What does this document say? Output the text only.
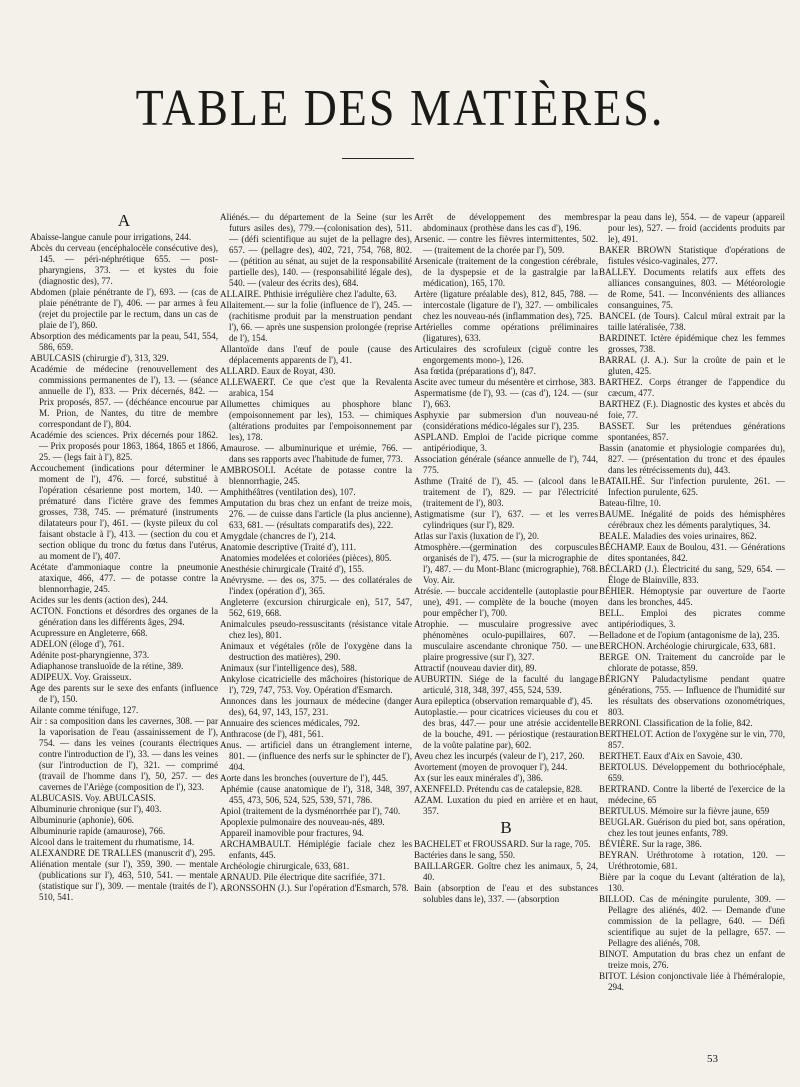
TABLE DES MATIÈRES.
A
Abaisse-langue canule pour irrigations, 244.
Abcès du cerveau (encéphalocèle consécutive des), 145. — péri-néphrétique 655. — post-pharyngiens, 373. — et kystes du foie (diagnostic des), 77.
Abdomen (plaie pénétrante de l'), 693. — (cas de plaie pénétrante de l'), 406. — par armes à feu (rejet du projectile par le rectum, dans un cas de plaie de l'), 860.
Absorption des médicaments par la peau, 541, 554, 586, 659.
ABULCASIS (chirurgie d'), 313, 329.
Académie de médecine (renouvellement des commissions permanentes de l'), 13. — (séance annuelle de l'), 833. — Prix décernés, 842. — Prix proposés, 857. — (déchéance encourue par M. Prion, de Nantes, du titre de membre correspondant de l'), 804.
Académie des sciences. Prix décernés pour 1862. — Prix proposés pour 1863, 1864, 1865 et 1866, 25. — (legs fait à l'), 825.
Accouchement (indications pour déterminer le moment de l'), 476. — forcé, substitué à l'opération césarienne post mortem, 140. — prématuré dans l'ictère grave des femmes grosses, 738, 745. — prématuré (instruments dilatateurs pour l'), 461. — (kyste pileux du col faisant obstacle à l'), 413. — (section du cou et section oblique du tronc du fœtus dans l'utérus, au moment de l'), 407.
Acétate d'ammoniaque contre la pneumonie ataxique, 466, 477. — de potasse contre la blennorrhagie, 245.
Acides sur les dents (action des), 244.
ACTON. Fonctions et désordres des organes de la génération dans les différents âges, 294.
Acupressure en Angleterre, 668.
ADELON (éloge d'), 761.
Adénite post-pharyngienne, 373.
Adiaphanose transluoïde de la rétine, 389.
ADIPEUX. Voy. Graisseux.
Age des parents sur le sexe des enfants (influence de l'), 150.
Ailante comme ténifuge, 127.
Air : sa composition dans les cavernes, 308. — par la vaporisation de l'eau (assainissement de l'), 754. — dans les veines (courants électriques contre l'introduction de l'), 33. — dans les veines (sur l'introduction de l'), 321. — comprimé (travail de l'homme dans l'), 50, 257. — des cavernes de l'Ariège (composition de l'), 323.
ALBUCASIS. Voy. ABULCASIS.
Albuminurie chronique (sur l'), 403.
Albuminurie (aphonie), 606.
Albuminurie rapide (amaurose), 766.
Alcool dans le traitement du rhumatisme, 14.
ALEXANDRE DE TRALLES (manuscrit d'), 295.
Aliénation mentale (sur l'), 359, 390. — mentale (publications sur l'), 463, 510, 541. — mentale (statistique sur l'), 309. — mentale (traités de l'), 510, 541.
Aliénés.— du département de la Seine (sur les futurs asiles des), 779.—(colonisation des), 511. — (défi scientifique au sujet de la pellagre des), 657. — (pellagre des), 402, 721, 754, 768, 802. — (pétition au sénat, au sujet de la responsabilité partielle des), 140. — (responsabilité légale des), 540. — (valeur des écrits des), 684.
ALLAIRE. Phthisie irrégulière chez l'adulte, 63.
Allaitement.— sur la folie (influence de l'), 245. — (rachitisme produit par la menstruation pendant l'), 66. — après une suspension prolongée (reprise de l'), 154.
Allantoïde dans l'œuf de poule (cause des déplacements apparents de l'), 41.
ALLARD. Eaux de Royat, 430.
ALLEWAERT. Ce que c'est que la Revalenta arabica, 154
Allumettes chimiques au phosphore blanc (empoisonnement par les), 153. — chimiques (altérations produites par l'empoisonnement par les), 178.
Amaurose. — albuminurique et urémie, 766. — dans ses rapports avec l'habitude de fumer, 773.
AMBROSOLI. Acétate de potasse contre la blennorrhagie, 245.
Amphithéâtres (ventilation des), 107.
Amputation du bras chez un enfant de treize mois, 276. — de cuisse dans l'article (la plus ancienne), 633, 681. — (résultats comparatifs des), 222.
Amygdale (chancres de l'), 214.
Anatomie descriptive (Traité d'), 111.
Anatomies modelées et coloriées (pièces), 805.
Anesthésie chirurgicale (Traité d'), 155.
Anévrysme. — des os, 375. — des collatérales de l'index (opération d'), 365.
Angleterre (excursion chirurgicale en), 517, 547, 562, 619, 668.
Animalcules pseudo-ressuscitants (résistance vitale chez les), 801.
Animaux et végétales (rôle de l'oxygène dans la destruction des matières), 290.
Animaux (sur l'intelligence des), 588.
Ankylose cicatricielle des mâchoires (historique de l'), 729, 747, 753. Voy. Opération d'Esmarch.
Annonces dans les journaux de médecine (danger des), 64, 97, 143, 157, 231.
Annuaire des sciences médicales, 792.
Anthracose (de l'), 481, 561.
Anus. — artificiel dans un étranglement interne, 801. — (influence des nerfs sur le sphincter de l'), 404.
Aorte dans les bronches (ouverture de l'), 445.
Aphémie (cause anatomique de l'), 318, 348, 397, 455, 473, 506, 524, 525, 539, 571, 786.
Apiol (traitement de la dysménorrhée par l'), 740.
Apoplexie pulmonaire des nouveau-nés, 489.
Appareil inamovible pour fractures, 94.
ARCHAMBAULT. Hémiplégie faciale chez les enfants, 445.
Archéologie chirurgicale, 633, 681.
ARNAUD. Pile électrique dite sacrifiée, 371.
ARONSSOHN (J.). Sur l'opération d'Esmarch, 578.
Arrêt de développement des membres abdominaux (prothèse dans les cas d'), 196.
Arsenic. — contre les fièvres intermittentes, 502. — (traitement de la chorée par l'), 509.
Arsenicale (traitement de la congestion cérébrale, de la dyspepsie et de la gastralgie par la médication), 165, 170.
Artère (ligature préalable des), 812, 845, 788. — intercostale (ligature de l'), 327. — ombilicales chez les nouveau-nés (inflammation des), 725.
Artérielles comme opérations préliminaires (ligatures), 633.
Articulaires des scrofuleux (ciguë contre les engorgements mono-), 126.
Asa fœtida (préparations d'), 847.
Ascite avec tumeur du mésentère et cirrhose, 383.
Aspermatisme (de l'), 93. — (cas d'), 124. — (sur l'), 663.
Asphyxie par submersion d'un nouveau-né (considérations médico-légales sur l'), 235.
ASPLAND. Emploi de l'acide picrique comme antipériodique, 3.
Association générale (séance annuelle de l'), 744, 775.
Asthme (Traité de l'), 45. — (alcool dans le traitement de l'), 829. — par l'électricité (traitement de l'), 803.
Astigmatisme (sur l'), 637. — et les verres cylindriques (sur l'), 829.
Atlas sur l'axis (luxation de l'), 20.
Atmosphère.—(germination des corpuscules organisés de l'), 475. — (sur la micrographie de l'), 487. — du Mont-Blanc (micrographie), 768. Voy. Air.
Atrésie. — buccale accidentelle (autoplastie pour une), 491. — complète de la bouche (moyen pour empêcher l'), 700.
Atrophie. — musculaire progressive avec phénomènes oculo-pupillaires, 607. — musculaire ascendante chronique 750. — une plaire progressive (sur l'), 327.
Attractif (nouveau davier dit), 89.
AUBURTIN. Siége de la faculté du langage articulé, 318, 348, 397, 455, 524, 539.
Aura epileptica (observation remarquable d'), 45.
Autoplastie.— pour cicatrices vicieuses du cou et des bras, 447.— pour une atrésie accidentelle de la bouche, 491. — périostique (restauration de la voûte palatine par), 602.
Aveu chez les incurpés (valeur de l'), 217, 260.
Avortement (moyen de provoquer l'), 244.
Ax (sur les eaux minérales d'), 386.
AXENFELD. Prétendu cas de catalepsie, 828.
AZAM. Luxation du pied en arrière et en haut, 357.
B
BACHELET et FROUSSARD. Sur la rage, 705.
Bactéries dans le sang, 550.
BAILLARGER. Goître chez les animaux, 5, 24, 40.
Bain (absorption de l'eau et des substances solubles dans le), 337. — (absorption
par la peau dans le), 554. — de vapeur (appareil pour les), 527. — froid (accidents produits par le), 491.
BAKER BROWN Statistique d'opérations de fistules vésico-vaginales, 277.
BALLEY. Documents relatifs aux effets des alliances consanguines, 803. — Météorologie de Rome, 541. — Inconvénients des alliances consanguines, 75.
BANCEL (de Tours). Calcul mûral extrait par la taille latéralisée, 738.
BARDINET. Ictère épidémique chez les femmes grosses, 738.
BARRAL (J. A.). Sur la croûte de pain et le gluten, 425.
BARTHEZ. Corps étranger de l'appendice du cæcum, 477.
BARTHEZ (F.). Diagnostic des kystes et abcès du foie, 77.
BASSET. Sur les prétendues générations spontanées, 857.
Bassin (anatomie et physiologie comparées du), 827. — (présentation du tronc et des épaules dans les rétrécissements du), 443.
BATAILHÉ. Sur l'infection purulente, 261. — Infection purulente, 625.
Bateau-filtre, 10.
BAUME. Inégalité de poids des hémisphères cérébraux chez les déments paralytiques, 34.
BEALE. Maladies des voies urinaires, 862.
BÉCHAMP. Eaux de Boulou, 431. — Générations dites spontanées, 842.
BÉCLARD (J.). Électricité du sang, 529, 654. — Éloge de Blainville, 833.
BÉHIER. Hémoptysie par ouverture de l'aorte dans les bronches, 445.
BELL. Emploi des picrates comme antipériodiques, 3.
Belladone et de l'opium (antagonisme de la), 235.
BERCHON. Archéologie chirurgicale, 633, 681.
BERGE ON. Traitement du cancroïde par le chlorate de potasse, 859.
BÉRIGNY Paludactylisme pendant quatre générations, 755. — Influence de l'humidité sur les résultats des observations ozonométriques, 803.
BERRONI. Classification de la folie, 842.
BERTHELOT. Action de l'oxygène sur le vin, 770, 857.
BERTHET. Eaux d'Aix en Savoie, 430.
BERTOLUS. Développement du bothriocéphale, 659.
BERTRAND. Contre la liberté de l'exercice de la médecine, 65
BERTULUS. Mémoire sur la fièvre jaune, 659
BEUGLAR. Guérison du pied bot, sans opération, chez les tout jeunes enfants, 789.
BÉVIÈRE. Sur la rage, 386.
BEYRAN. Uréthrotome à rotation, 120. — Uréthrotomie, 681.
Bière par la coque du Levant (altération de la), 130.
BILLOD. Cas de méningite purulente, 309. — Pellagre des aliénés, 402. — Demande d'une commission de la pellagre, 640. — Défi scientifique au sujet de la pellagre, 657. — Pellagre des aliénés, 708.
BINOT. Amputation du bras chez un enfant de treize mois, 276.
BITOT. Lésion conjonctivale liée à l'héméralopie, 294.
53
